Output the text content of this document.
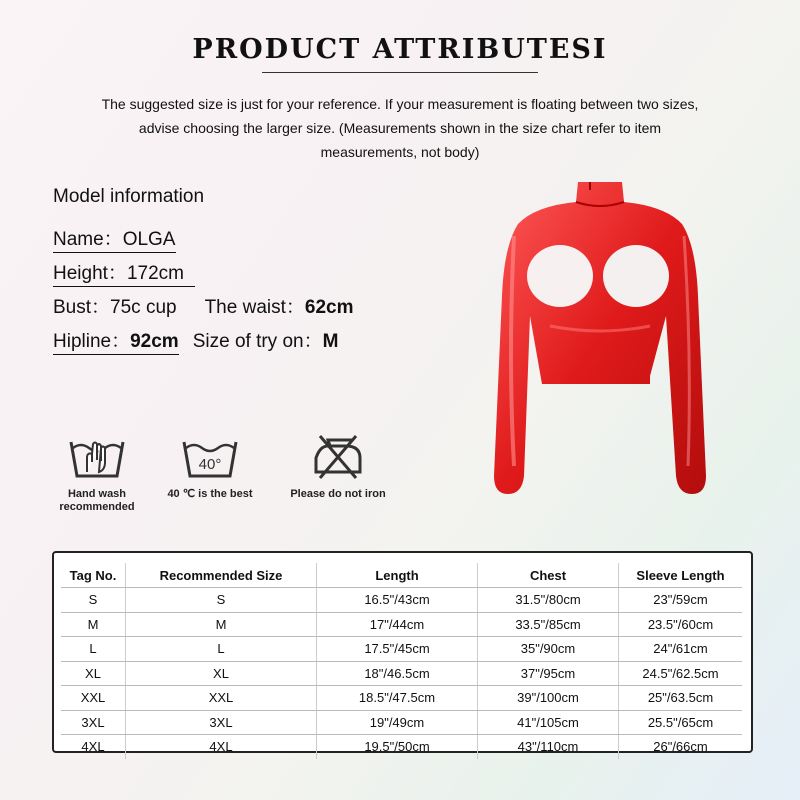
PRODUCT ATTRIBUTESI
The suggested size is just for your reference. If your measurement is floating between two sizes,
advise choosing the larger size. (Measurements shown in the size chart refer to item
measurements, not body)
Model information
Name：OLGA
Height：172cm
Bust：75c cup The waist：62cm
Hipline：92cm Size of try on：M
Hand wash
recommended
40°
40 ℃ is the best	Please do not iron
Tag No.	Recommended Size	Length	Chest	Sleeve Length
S	S	16.5"/43cm	31.5"/80cm	23"/59cm
M	M	17"/44cm	33.5"/85cm	23.5"/60cm
L	L	17.5"/45cm	35"/90cm	24"/61cm
XL	XL	18"/46.5cm	37"/95cm	24.5"/62.5cm
XXL	XXL	18.5"/47.5cm	39"/100cm	25"/63.5cm
3XL	3XL	19"/49cm	41"/105cm	25.5"/65cm
4XL	4XL	19.5"/50cm	43"/110cm	26"/66cm
